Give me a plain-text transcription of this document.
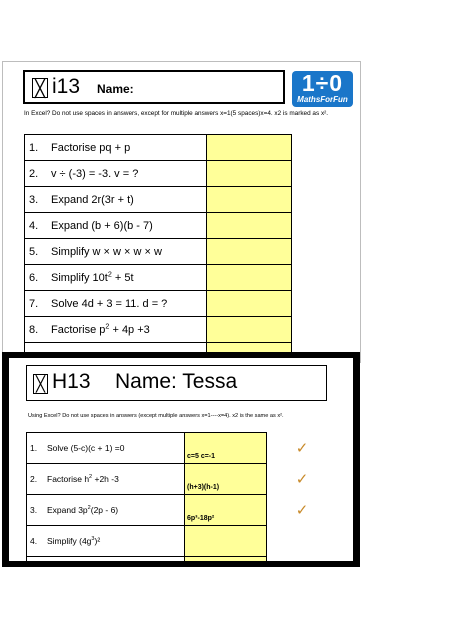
╳ i13 Name:	1÷0
MathsForFun
In Excel? Do not use spaces in answers, except for multiple answers x=1(5 spaces)x=4. x2 is marked as x².
1. Factorise pq + p	
2. v ÷ (-3) = -3. v = ?	
3. Expand 2r(3r + t)	
4. Expand (b + 6)(b - 7)	
5. Simplify w × w × w × w	
6. Simplify $10t^2 + 5t$	
7. Solve 4d + 3 = 11. d = ?	
8. Factorise $p^2 + 4p +3$	

╳ H13 Name: Tessa
Using Excel? Do not use spaces in answers (except multiple answers x=1----x=4). x2 is the same as x².
1. Solve (5-c)(c + 1) =0	c=5 c=-1	✓
2. Factorise $h^2 +2h$ -3	(h+3)(h-1)	✓
3. Expand $3p^2(2p - 6)$	6p³-18p²	✓
4. Simplify $(4g^3)^2$		
